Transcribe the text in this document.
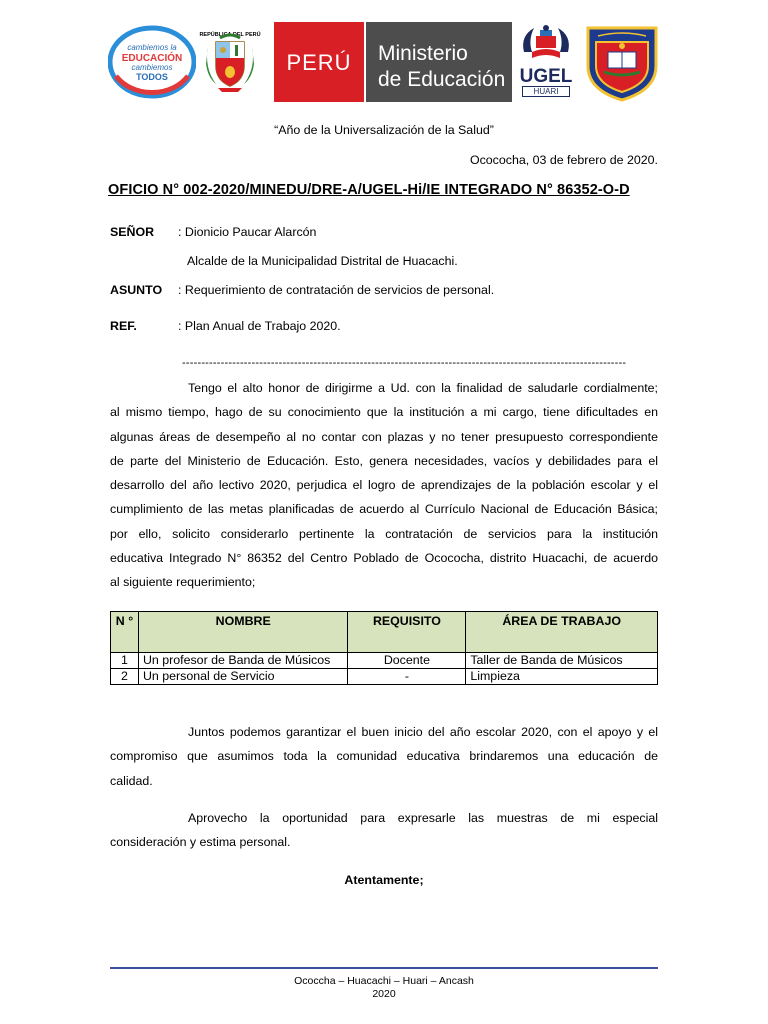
cambiemos la
EDUCACIÓN
cambiemos
TODOS
REPÚBLICA DEL PERÚ
PERÚ	Ministerio
de Educación UGEL
HUARI
“Año de la Universalización de la Salud”
Ocococha, 03 de febrero de 2020.
OFICIO N° 002-2020/MINEDU/DRE-A/UGEL-Hi/IE INTEGRADO N° 86352-O-D
SEÑOR : Dionicio Paucar Alarcón
Alcalde de la Municipalidad Distrital de Huacachi.
ASUNTO : Requerimiento de contratación de servicios de personal.
REF.	: Plan Anual de Trabajo 2020.
-------------------------------------------------------------------------------------------------------------------
Tengo el alto honor de dirigirme a Ud. con la finalidad de saludarle cordialmente;
al mismo tiempo, hago de su conocimiento que la institución a mi cargo, tiene dificultades en
algunas áreas de desempeño al no contar con plazas y no tener presupuesto correspondiente
de parte del Ministerio de Educación. Esto, genera necesidades, vacíos y debilidades para el
desarrollo del año lectivo 2020, perjudica el logro de aprendizajes de la población escolar y el
cumplimiento de las metas planificadas de acuerdo al Currículo Nacional de Educación Básica;
por ello, solicito considerarlo pertinente la contratación de servicios para la institución
educativa Integrado N° 86352 del Centro Poblado de Ocococha, distrito Huacachi, de acuerdo
al siguiente requerimiento;
N °	NOMBRE	REQUISITO	ÁREA DE TRABAJO
1	Un profesor de Banda de Músicos	Docente	Taller de Banda de Músicos
2	Un personal de Servicio	-	Limpieza
Juntos podemos garantizar el buen inicio del año escolar 2020, con el apoyo y el
compromiso que asumimos toda la comunidad educativa brindaremos una educación de
calidad.
Aprovecho la oportunidad para expresarle las muestras de mi especial
consideración y estima personal.
Atentamente;
Ococcha – Huacachi – Huari – Ancash
2020
